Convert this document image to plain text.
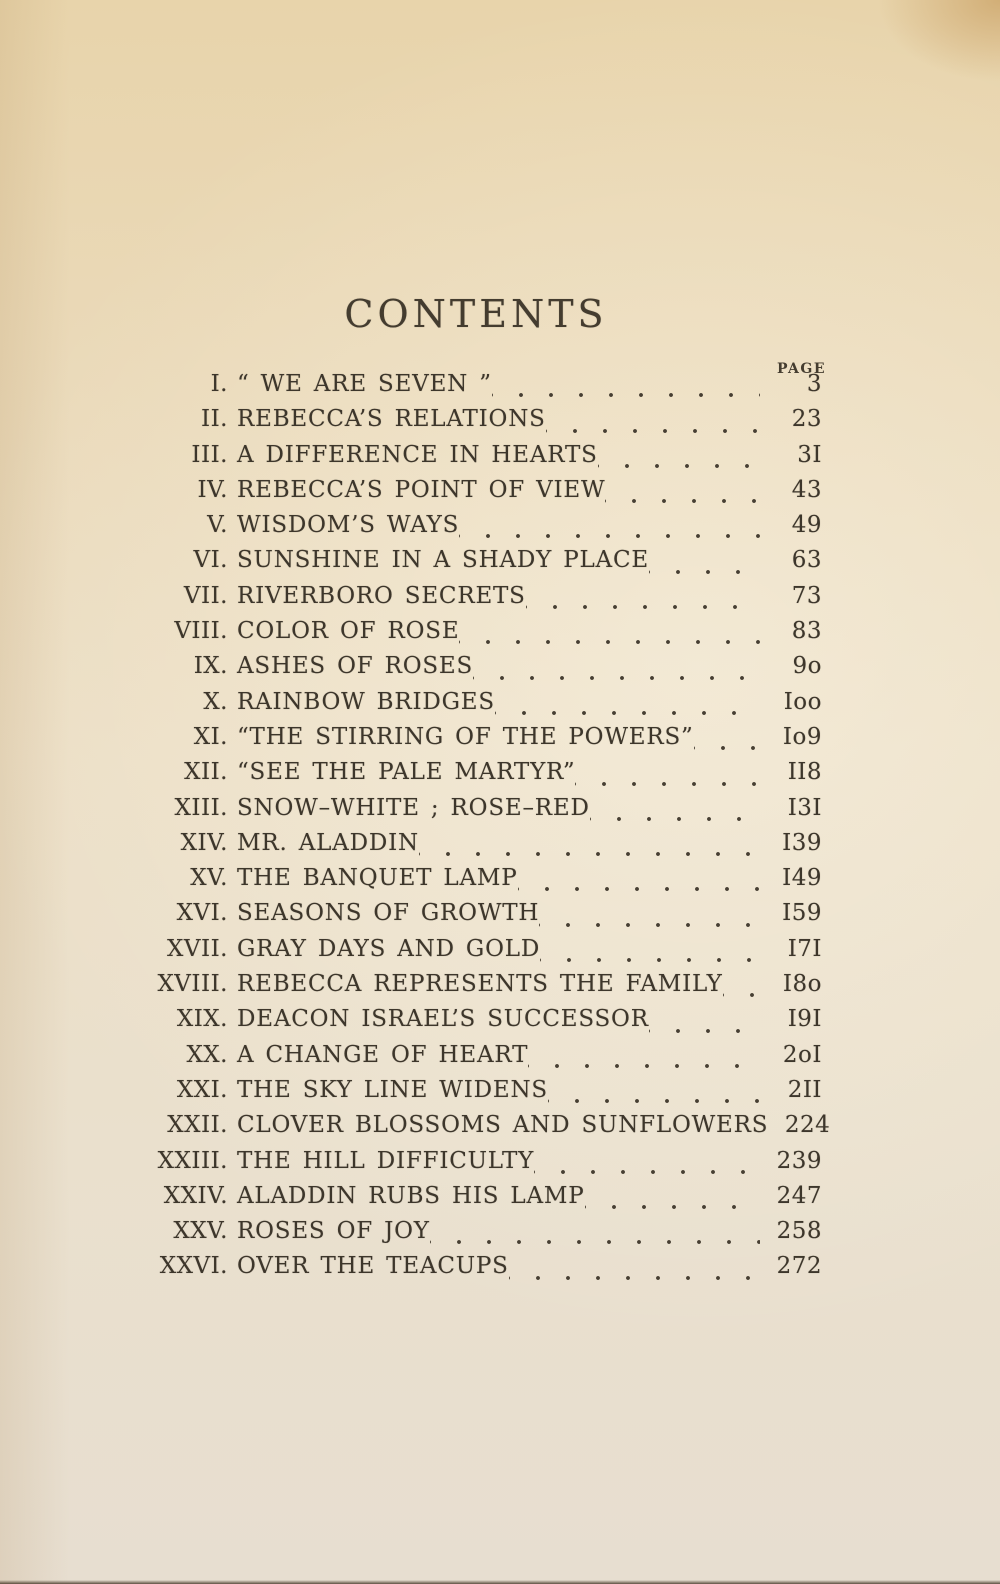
CONTENTS
PAGE
I. “ WE ARE SEVEN ”	3
II. REBECCA’S RELATIONS	23
III. A DIFFERENCE IN HEARTS	3I
IV. REBECCA’S POINT OF VIEW	43
V. WISDOM’S WAYS	49
VI. SUNSHINE IN A SHADY PLACE	63
VII. RIVERBORO SECRETS	73
VIII. COLOR OF ROSE	83
IX. ASHES OF ROSES	9o
X. RAINBOW BRIDGES	Ioo
XI. “THE STIRRING OF THE POWERS”	Io9
XII. “SEE THE PALE MARTYR”	II8
XIII. SNOW–WHITE ; ROSE–RED	I3I
XIV. MR. ALADDIN	I39
XV. THE BANQUET LAMP	I49
XVI. SEASONS OF GROWTH	I59
XVII. GRAY DAYS AND GOLD	I7I
XVIII. REBECCA REPRESENTS THE FAMILY	I8o
XIX. DEACON ISRAEL’S SUCCESSOR	I9I
XX. A CHANGE OF HEART	2oI
XXI. THE SKY LINE WIDENS	2II
XXII. CLOVER BLOSSOMS AND SUNFLOWERS 224
XXIII. THE HILL DIFFICULTY	239
XXIV. ALADDIN RUBS HIS LAMP	247
XXV. ROSES OF JOY	258
XXVI. OVER THE TEACUPS	272
